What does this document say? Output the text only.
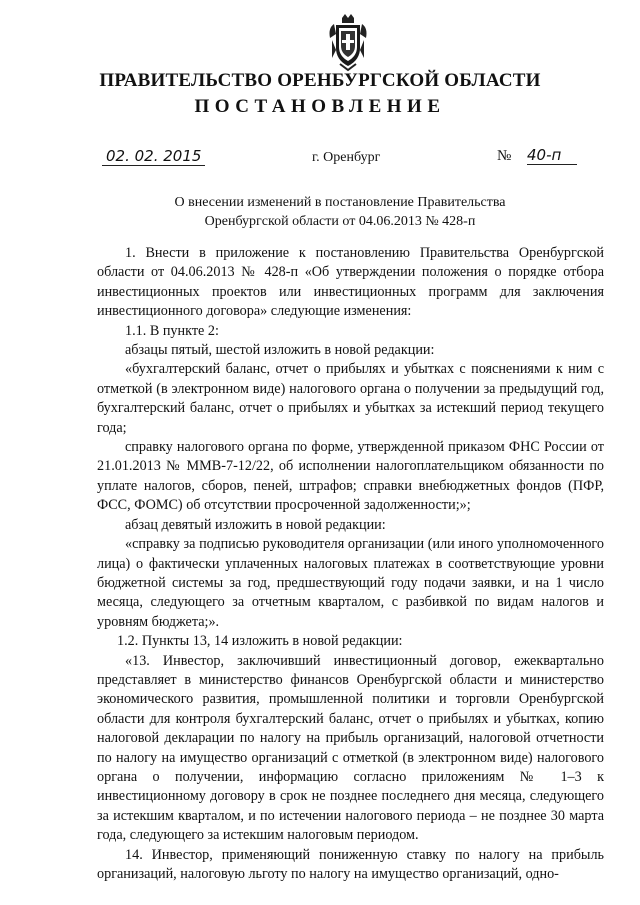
ПРАВИТЕЛЬСТВО ОРЕНБУРГСКОЙ ОБЛАСТИ
ПОСТАНОВЛЕНИЕ
02. 02. 2015	г. Оренбург	№ 40-п
О внесении изменений в постановление Правительства
Оренбургской области от 04.06.2013 № 428-п

1. Внести в приложение к постановлению Правительства Оренбургской области от 04.06.2013 № 428-п «Об утверждении положения о порядке отбора инвестиционных проектов или инвестиционных программ для заключения инвестиционного договора» следующие изменения:

1.1. В пункте 2:

абзацы пятый, шестой изложить в новой редакции:

«бухгалтерский баланс, отчет о прибылях и убытках с пояснениями к ним с отметкой (в электронном виде) налогового органа о получении за предыдущий год, бухгалтерский баланс, отчет о прибылях и убытках за истекший период текущего года;

справку налогового органа по форме, утвержденной приказом ФНС России от 21.01.2013 № ММВ-7-12/22, об исполнении налогоплательщиком обязанности по уплате налогов, сборов, пеней, штрафов; справки внебюджетных фондов (ПФР, ФСС, ФОМС) об отсутствии просроченной задолженности;»;

абзац девятый изложить в новой редакции:

«справку за подписью руководителя организации (или иного уполномоченного лица) о фактически уплаченных налоговых платежах в соответствующие уровни бюджетной системы за год, предшествующий году подачи заявки, и на 1 число месяца, следующего за отчетным кварталом, с разбивкой по видам налогов и уровням бюджета;».

1.2. Пункты 13, 14 изложить в новой редакции:

«13. Инвестор, заключивший инвестиционный договор, ежеквартально представляет в министерство финансов Оренбургской области и министерство экономического развития, промышленной политики и торговли Оренбургской области для контроля бухгалтерский баланс, отчет о прибылях и убытках, копию налоговой декларации по налогу на прибыль организаций, налоговой отчетности по налогу на имущество организаций с отметкой (в электронном виде) налогового органа о получении, информацию согласно приложениям № 1–3 к инвестиционному договору в срок не позднее последнего дня месяца, следующего за истекшим кварталом, и по истечении налогового периода – не позднее 30 марта года, следующего за истекшим налоговым периодом.

14. Инвестор, применяющий пониженную ставку по налогу на прибыль организаций, налоговую льготу по налогу на имущество организаций, одно-
